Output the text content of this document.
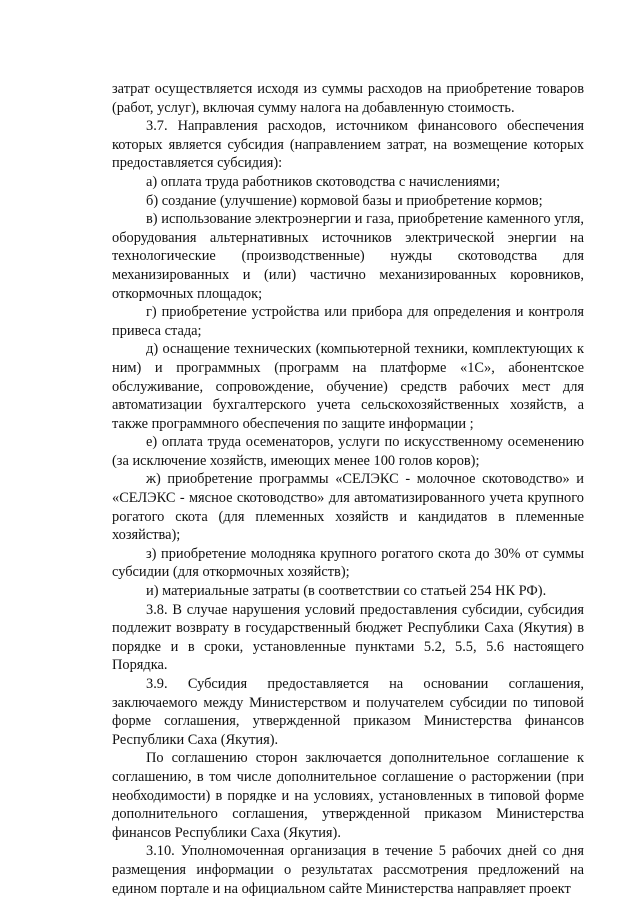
затрат осуществляется исходя из суммы расходов на приобретение товаров (работ, услуг), включая сумму налога на добавленную стоимость.

3.7. Направления расходов, источником финансового обеспечения которых является субсидия (направлением затрат, на возмещение которых предоставляется субсидия):

а) оплата труда работников скотоводства с начислениями;

б) создание (улучшение) кормовой базы и приобретение кормов;

в) использование электроэнергии и газа, приобретение каменного угля, оборудования альтернативных источников электрической энергии на технологические (производственные) нужды скотоводства для механизированных и (или) частично механизированных коровников, откормочных площадок;

г) приобретение устройства или прибора для определения и контроля привеса стада;

д) оснащение технических (компьютерной техники, комплектующих к ним) и программных (программ на платформе «1С», абонентское обслуживание, сопровождение, обучение) средств рабочих мест для автоматизации бухгалтерского учета сельскохозяйственных хозяйств, а также программного обеспечения по защите информации ;

е) оплата труда осеменаторов, услуги по искусственному осеменению (за исключение хозяйств, имеющих менее 100 голов коров);

ж) приобретение программы «СЕЛЭКС - молочное скотоводство» и «СЕЛЭКС - мясное скотоводство» для автоматизированного учета крупного рогатого скота (для племенных хозяйств и кандидатов в племенные хозяйства);

з) приобретение молодняка крупного рогатого скота до 30% от суммы субсидии (для откормочных хозяйств);

и) материальные затраты (в соответствии со статьей 254 НК РФ).

3.8. В случае нарушения условий предоставления субсидии, субсидия подлежит возврату в государственный бюджет Республики Саха (Якутия) в порядке и в сроки, установленные пунктами 5.2, 5.5, 5.6 настоящего Порядка.

3.9. Субсидия предоставляется на основании соглашения, заключаемого между Министерством и получателем субсидии по типовой форме соглашения, утвержденной приказом Министерства финансов Республики Саха (Якутия).

По соглашению сторон заключается дополнительное соглашение к соглашению, в том числе дополнительное соглашение о расторжении (при необходимости) в порядке и на условиях, установленных в типовой форме дополнительного соглашения, утвержденной приказом Министерства финансов Республики Саха (Якутия).

3.10. Уполномоченная организация в течение 5 рабочих дней со дня размещения информации о результатах рассмотрения предложений на едином портале и на официальном сайте Министерства направляет проект
